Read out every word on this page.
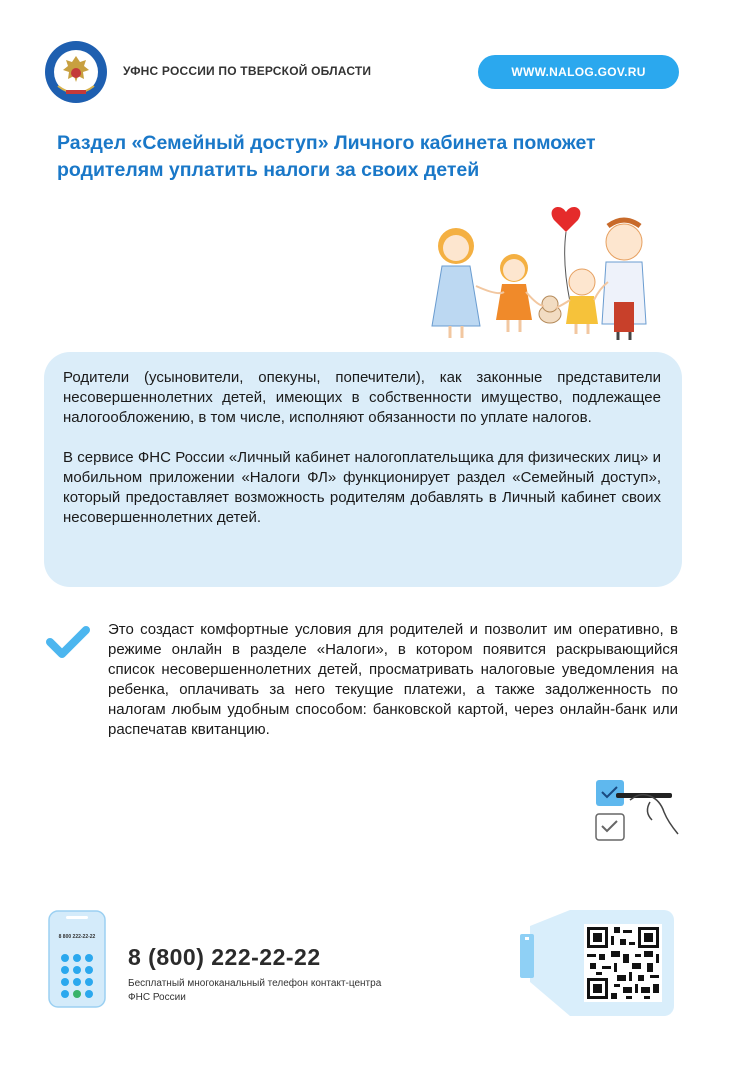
УФНС РОССИИ ПО ТВЕРСКОЙ ОБЛАСТИ	WWW.NALOG.GOV.RU
Раздел «Семейный доступ» Личного кабинета поможет родителям уплатить налоги за своих детей

Родители (усыновители, опекуны, попечители), как законные представители несовершеннолетних детей, имеющих в собственности имущество, подлежащее налогообложению, в том числе, исполняют обязанности по уплате налогов.

В сервисе ФНС России «Личный кабинет налогоплательщика для физических лиц» и мобильном приложении «Налоги ФЛ» функционирует раздел «Семейный доступ», который предоставляет возможность родителям добавлять в Личный кабинет своих несовершеннолетних детей.

Это создаст комфортные условия для родителей и позволит им оперативно, в режиме онлайн в разделе «Налоги», в котором появится раскрывающийся список несовершеннолетних детей, просматривать налоговые уведомления на ребенка, оплачивать за него текущие платежи, а также задолженность по налогам любым удобным способом: банковской картой, через онлайн-банк или распечатав квитанцию.

8 800 222-22-22
8 (800) 222-22-22
Бесплатный многоканальный телефон контакт-центра ФНС России
